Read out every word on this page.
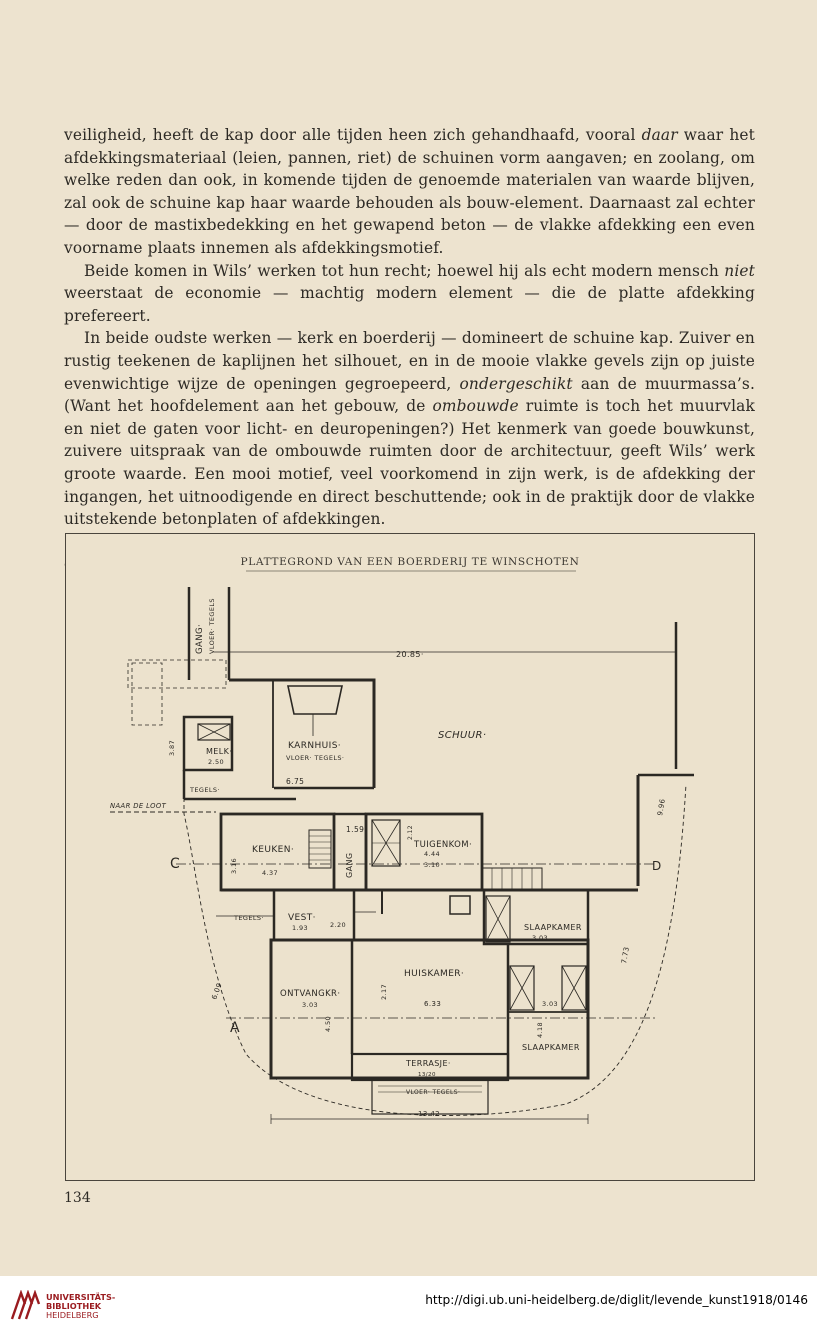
veiligheid, heeft de kap door alle tijden heen zich gehandhaafd, vooral daar waar het afdekkingsmateriaal (leien, pannen, riet) de schuinen vorm aangaven; en zoolang, om welke reden dan ook, in komende tijden de genoemde materialen van waarde blijven, zal ook de schuine kap haar waarde behouden als bouw-element. Daarnaast zal echter — door de mastixbedekking en het gewapend beton — de vlakke afdekking een even voorname plaats innemen als afdekkingsmotief.

Beide komen in Wils’ werken tot hun recht; hoewel hij als echt modern mensch niet weerstaat de economie — machtig modern element — die de platte afdekking prefereert.

In beide oudste werken — kerk en boerderij — domineert de schuine kap. Zuiver en rustig teekenen de kaplijnen het silhouet, en in de mooie vlakke gevels zijn op juiste evenwichtige wijze de openingen gegroepeerd, ondergeschikt aan de muurmassa’s. (Want het hoofdelement aan het gebouw, de ombouwde ruimte is toch het muurvlak en niet de gaten voor licht- en deuropeningen?) Het kenmerk van goede bouwkunst, zuivere uitspraak van de ombouwde ruimten door de architectuur, geeft Wils’ werk groote waarde. Een mooi motief, veel voorkomend in zijn werk, is de afdekking der ingangen, het uitnoodigende en direct beschuttende; ook in de praktijk door de vlakke uitstekende betonplaten of afdekkingen.

PLATTEGROND VAN EEN BOERDERIJ TE WINSCHOTEN
GANG· VLOER· TEGELS
20.85·
SCHUUR·
KARNHUIS·
VLOER· TEGELS·
6.75
MELK·
2.50
TEGELS·
NAAR DE LOOT
C
KEUKEN·
4.37
3.16	GANG
1.59
TUIGENKOM·
4.44
3.10
2.12
TEGELS·	VEST·
1.93	2.20	SLAAPKAMER
3.03
HUISKAMER·
6.33
2.17
ONTVANGKR·
3.03
4.50
A
SLAAPKAMER
3.03
4.18
TERRASJE·
13/20
VLOER· TEGELS·
13.42
9.96
7.73
6.09
3.87
D
134
UNIVERSITÄTS-
BIBLIOTHEK
HEIDELBERG
http://digi.ub.uni-heidelberg.de/diglit/levende_kunst1918/0146
